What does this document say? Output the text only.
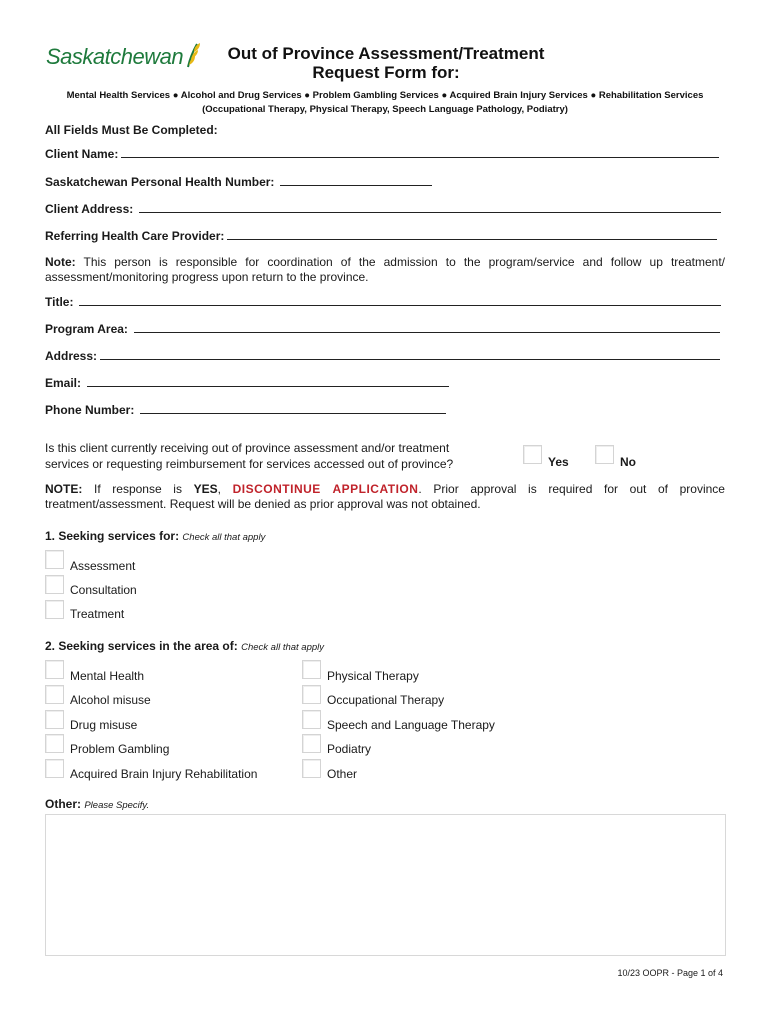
Saskatchewan	Out of Province Assessment/Treatment
Request Form for:
Mental Health Services ● Alcohol and Drug Services ● Problem Gambling Services ● Acquired Brain Injury Services ● Rehabilitation Services
(Occupational Therapy, Physical Therapy, Speech Language Pathology, Podiatry)
All Fields Must Be Completed:
Client Name:
Saskatchewan Personal Health Number:
Client Address:
Referring Health Care Provider:
Note: This person is responsible for coordination of the admission to the program/service and follow up treatment/ assessment/monitoring progress upon return to the province.
Title:
Program Area:
Address:
Email:
Phone Number:
Is this client currently receiving out of province assessment and/or treatment
services or requesting reimbursement for services accessed out of province?	Yes	No
NOTE: If response is YES, DISCONTINUE APPLICATION. Prior approval is required for out of province treatment/assessment. Request will be denied as prior approval was not obtained.
1. Seeking services for: Check all that apply
Assessment
Consultation
Treatment
2. Seeking services in the area of: Check all that apply
Mental Health
Alcohol misuse
Drug misuse
Problem Gambling
Acquired Brain Injury Rehabilitation
Physical Therapy
Occupational Therapy
Speech and Language Therapy
Podiatry
Other
Other: Please Specify.
10/23 OOPR - Page 1 of 4
